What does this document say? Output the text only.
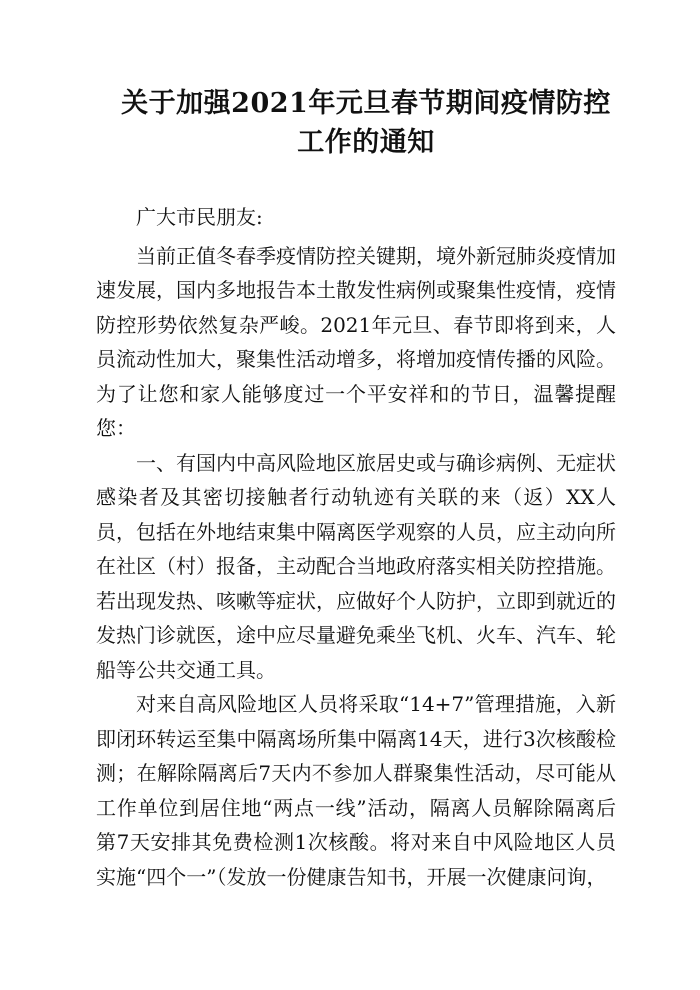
关于加强2021年元旦春节期间疫情防控
工作的通知

广大市民朋友:

当前正值冬春季疫情防控关键期，境外新冠肺炎疫情加速发展，国内多地报告本土散发性病例或聚集性疫情，疫情防控形势依然复杂严峻。2021年元旦、春节即将到来，人员流动性加大，聚集性活动增多，将增加疫情传播的风险。为了让您和家人能够度过一个平安祥和的节日，温馨提醒您：

一、有国内中高风险地区旅居史或与确诊病例、无症状感染者及其密切接触者行动轨迹有关联的来（返）XX人员，包括在外地结束集中隔离医学观察的人员，应主动向所在社区（村）报备，主动配合当地政府落实相关防控措施。若出现发热、咳嗽等症状，应做好个人防护，立即到就近的发热门诊就医，途中应尽量避免乘坐飞机、火车、汽车、轮船等公共交通工具。

对来自高风险地区人员将采取“14+7”管理措施，入新即闭环转运至集中隔离场所集中隔离14天，进行3次核酸检测；在解除隔离后7天内不参加人群聚集性活动，尽可能从工作单位到居住地“两点一线”活动，隔离人员解除隔离后第7天安排其免费检测1次核酸。将对来自中风险地区人员实施“四个一”（发放一份健康告知书，开展一次健康问询，
